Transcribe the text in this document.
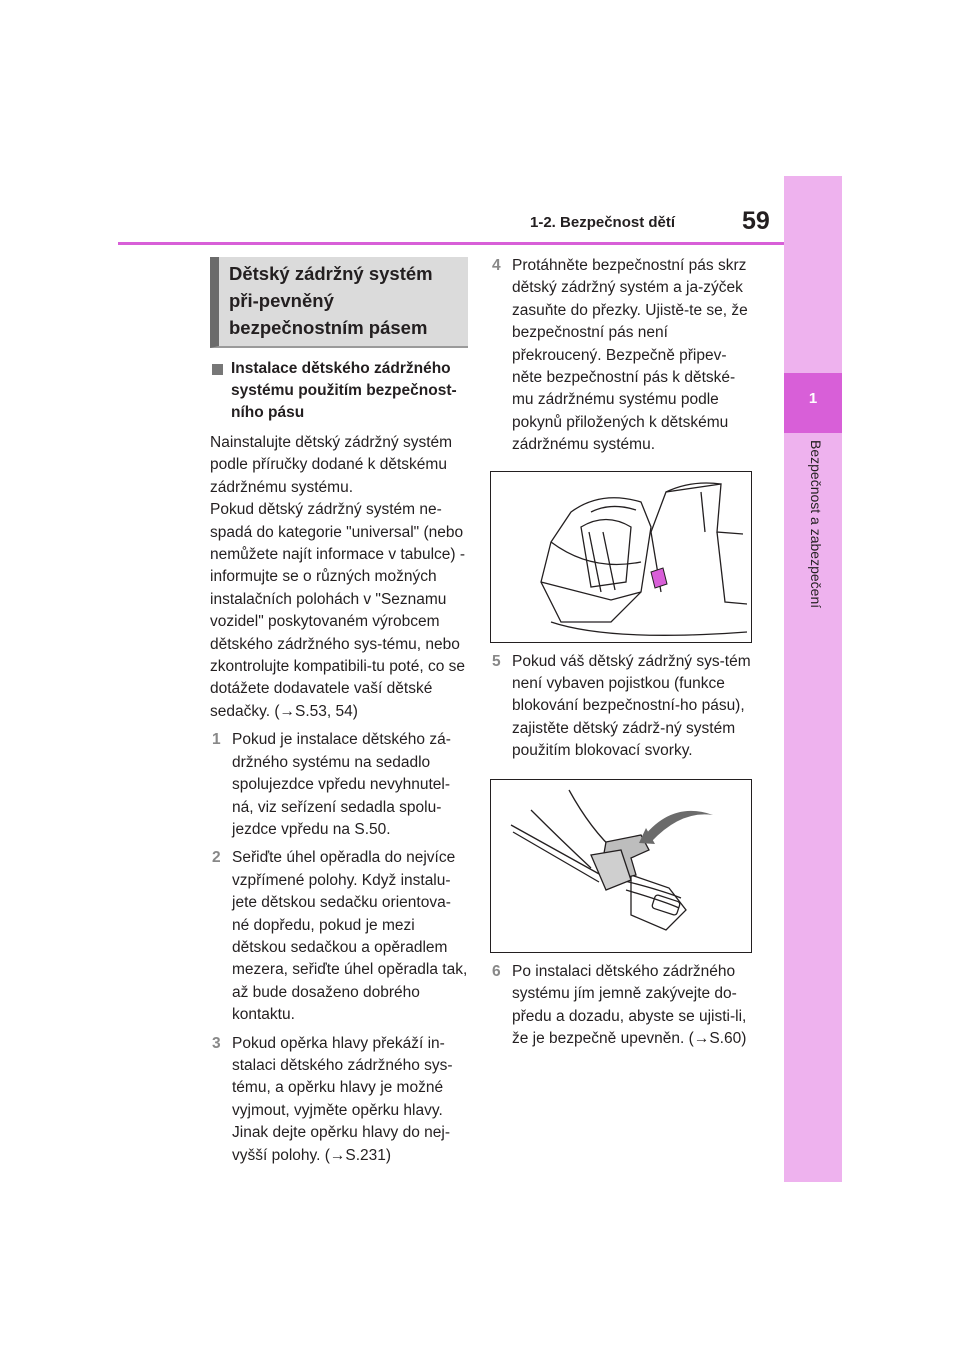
1
Bezpečnost a zabezpečení
1-2. Bezpečnost dětí	59
Dětský zádržný systém při-pevněný bezpečnostním pásem
Instalace dětského zádržného systému použitím bezpečnost-ního pásu
Nainstalujte dětský zádržný systém podle příručky dodané k dětskému zádržnému systému.
Pokud dětský zádržný systém ne-spadá do kategorie "universal" (nebo nemůžete najít informace v tabulce) - informujte se o různých možných instalačních polohách v "Seznamu vozidel" poskytovaném výrobcem dětského zádržného sys-tému, nebo zkontrolujte kompatibili-tu poté, co se dotážete dodavatele vaší dětské sedačky. (→S.53, 54)
1 Pokud je instalace dětského zá-držného systému na sedadlo spolujezdce vpředu nevyhnutel-ná, viz seřízení sedadla spolu-jezdce vpředu na S.50.
2 Seřiďte úhel opěradla do nejvíce vzpřímené polohy. Když instalu-jete dětskou sedačku orientova-né dopředu, pokud je mezi dětskou sedačkou a opěradlem mezera, seřiďte úhel opěradla tak, až bude dosaženo dobrého kontaktu.
3 Pokud opěrka hlavy překáží in-stalaci dětského zádržného sys-tému, a opěrku hlavy je možné vyjmout, vyjměte opěrku hlavy. Jinak dejte opěrku hlavy do nej-vyšší polohy. (→S.231)
4 Protáhněte bezpečnostní pás skrz dětský zádržný systém a ja-zýček zasuňte do přezky. Ujistě-te se, že bezpečnostní pás není překroucený. Bezpečně připev-něte bezpečnostní pás k dětské-mu zádržnému systému podle pokynů přiložených k dětskému zádržnému systému.
5 Pokud váš dětský zádržný sys-tém není vybaven pojistkou (funkce blokování bezpečnostní-ho pásu), zajistěte dětský zádrž-ný systém použitím blokovací svorky.
6 Po instalaci dětského zádržného systému jím jemně zakývejte do-předu a dozadu, abyste se ujisti-li, že je bezpečně upevněn. (→S.60)
